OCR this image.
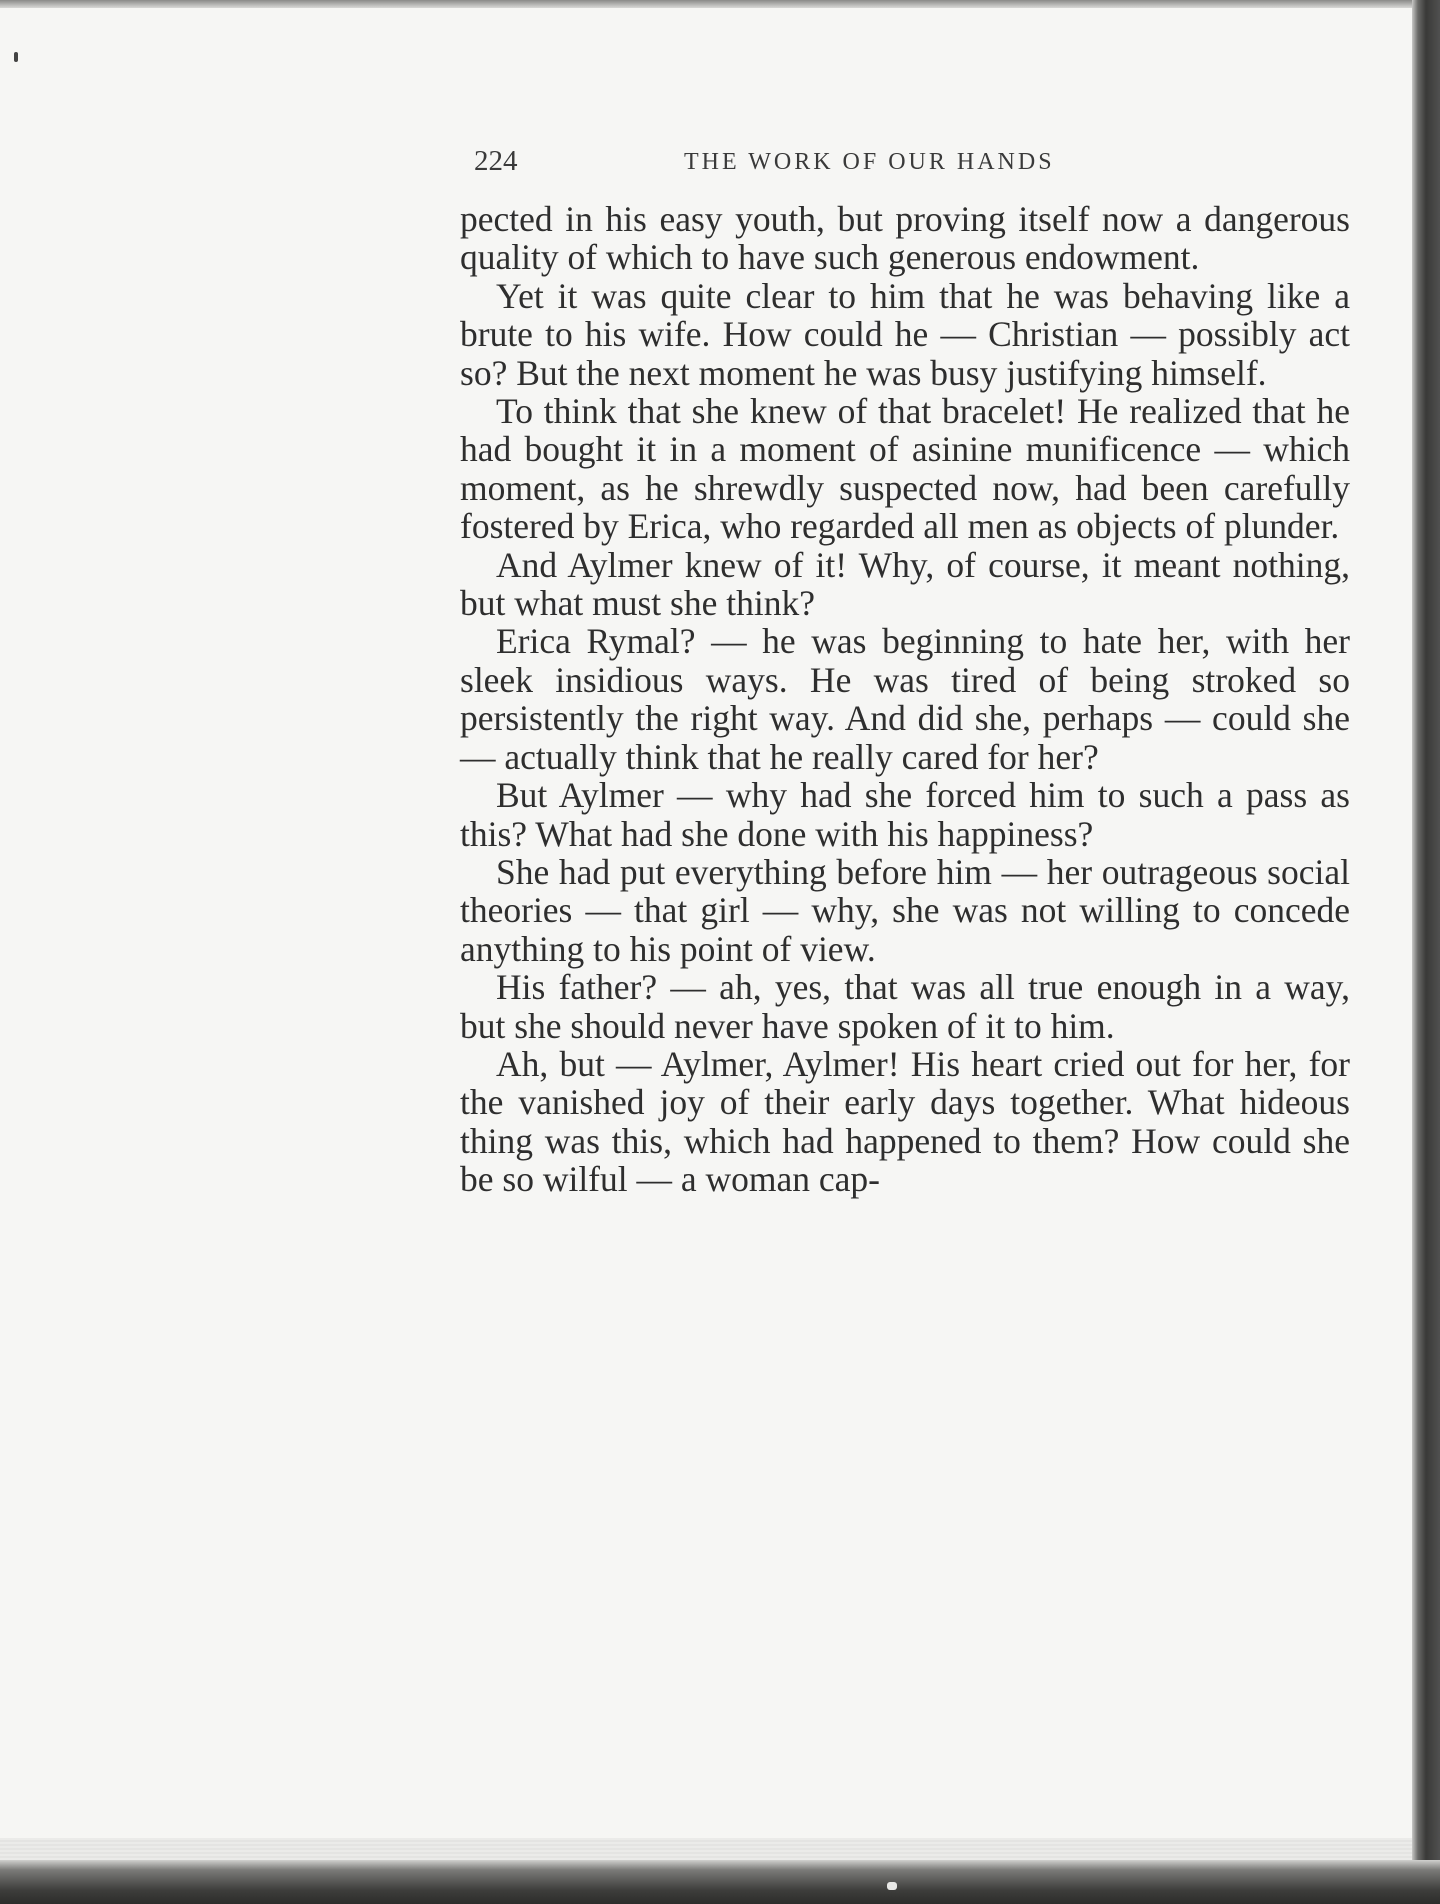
224	THE WORK OF OUR HANDS

pected in his easy youth, but proving itself now a dangerous quality of which to have such generous endowment.

Yet it was quite clear to him that he was behaving like a brute to his wife. How could he — Christian — possibly act so? But the next moment he was busy justifying himself.

To think that she knew of that bracelet! He realized that he had bought it in a moment of asinine munificence — which moment, as he shrewdly suspected now, had been carefully fostered by Erica, who regarded all men as objects of plunder.

And Aylmer knew of it! Why, of course, it meant nothing, but what must she think?

Erica Rymal? — he was beginning to hate her, with her sleek insidious ways. He was tired of being stroked so persistently the right way. And did she, perhaps — could she — actually think that he really cared for her?

But Aylmer — why had she forced him to such a pass as this? What had she done with his happiness?

She had put everything before him — her outrageous social theories — that girl — why, she was not willing to concede anything to his point of view.

His father? — ah, yes, that was all true enough in a way, but she should never have spoken of it to him.

Ah, but — Aylmer, Aylmer! His heart cried out for her, for the vanished joy of their early days together. What hideous thing was this, which had happened to them? How could she be so wilful — a woman cap-
